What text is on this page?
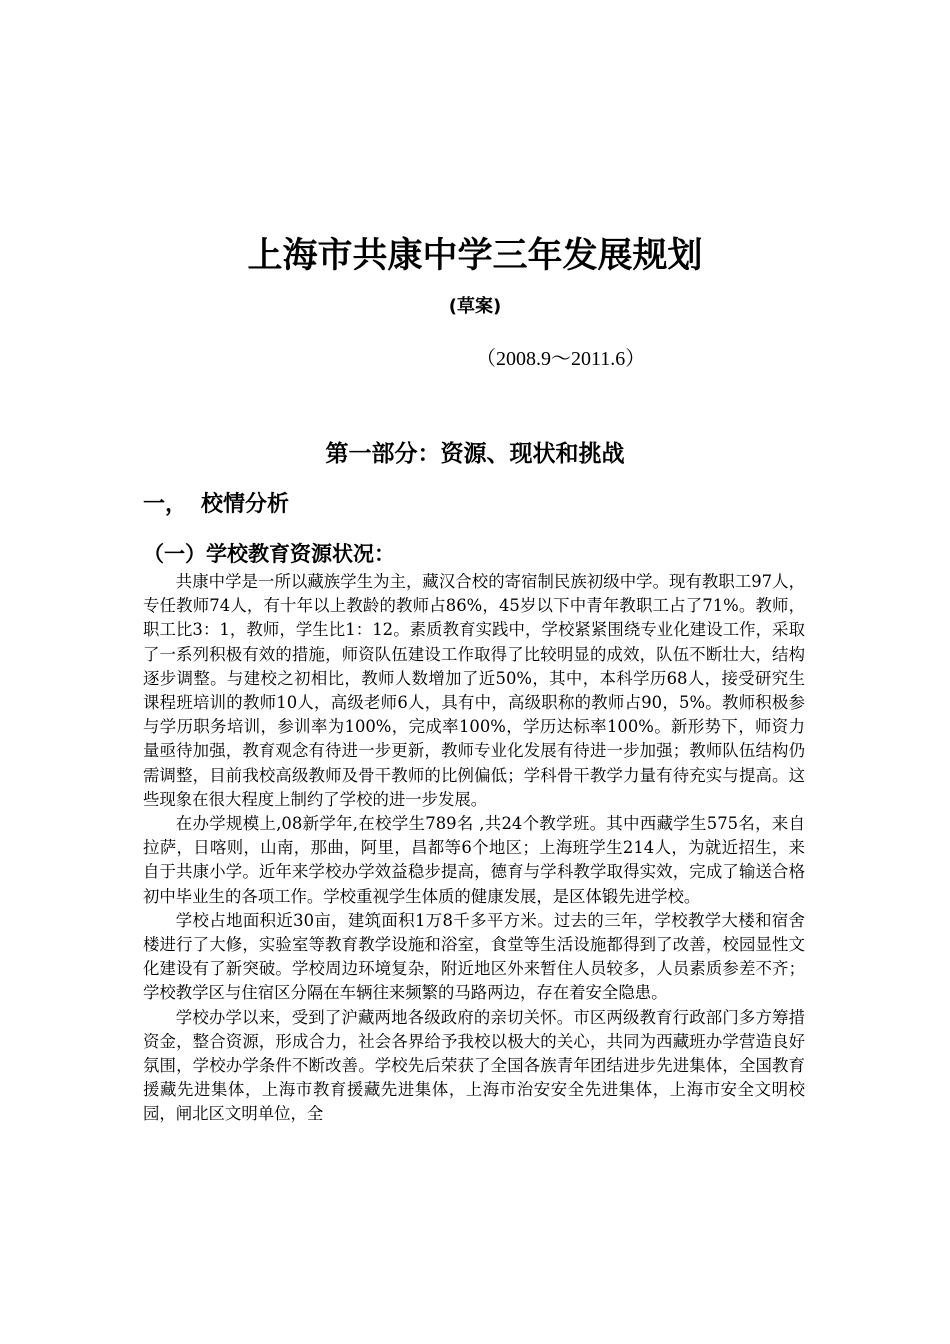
上海市共康中学三年发展规划
(草案)
（2008.9～2011.6）
第一部分：资源、现状和挑战
一， 校情分析
（一）学校教育资源状况：

共康中学是一所以藏族学生为主，藏汉合校的寄宿制民族初级中学。现有教职工97人，专任教师74人，有十年以上教龄的教师占86%，45岁以下中青年教职工占了71%。教师，职工比3：1，教师，学生比1：12。素质教育实践中，学校紧紧围绕专业化建设工作，采取了一系列积极有效的措施，师资队伍建设工作取得了比较明显的成效，队伍不断壮大，结构逐步调整。与建校之初相比，教师人数增加了近50%，其中，本科学历68人，接受研究生课程班培训的教师10人，高级老师6人，具有中，高级职称的教师占90，5%。教师积极参与学历职务培训，参训率为100%，完成率100%，学历达标率100%。新形势下，师资力量亟待加强，教育观念有待进一步更新，教师专业化发展有待进一步加强；教师队伍结构仍需调整，目前我校高级教师及骨干教师的比例偏低；学科骨干教学力量有待充实与提高。这些现象在很大程度上制约了学校的进一步发展。

在办学规模上,08新学年,在校学生789名 ,共24个教学班。其中西藏学生575名，来自拉萨，日喀则，山南，那曲，阿里，昌都等6个地区；上海班学生214人，为就近招生，来自于共康小学。近年来学校办学效益稳步提高，德育与学科教学取得实效，完成了输送合格初中毕业生的各项工作。学校重视学生体质的健康发展，是区体锻先进学校。

学校占地面积近30亩，建筑面积1万8千多平方米。过去的三年，学校教学大楼和宿舍楼进行了大修，实验室等教育教学设施和浴室，食堂等生活设施都得到了改善，校园显性文化建设有了新突破。学校周边环境复杂，附近地区外来暂住人员较多，人员素质参差不齐；学校教学区与住宿区分隔在车辆往来频繁的马路两边，存在着安全隐患。

学校办学以来，受到了沪藏两地各级政府的亲切关怀。市区两级教育行政部门多方筹措资金，整合资源，形成合力，社会各界给予我校以极大的关心，共同为西藏班办学营造良好氛围，学校办学条件不断改善。学校先后荣获了全国各族青年团结进步先进集体，全国教育援藏先进集体，上海市教育援藏先进集体，上海市治安安全先进集体，上海市安全文明校园，闸北区文明单位，全
